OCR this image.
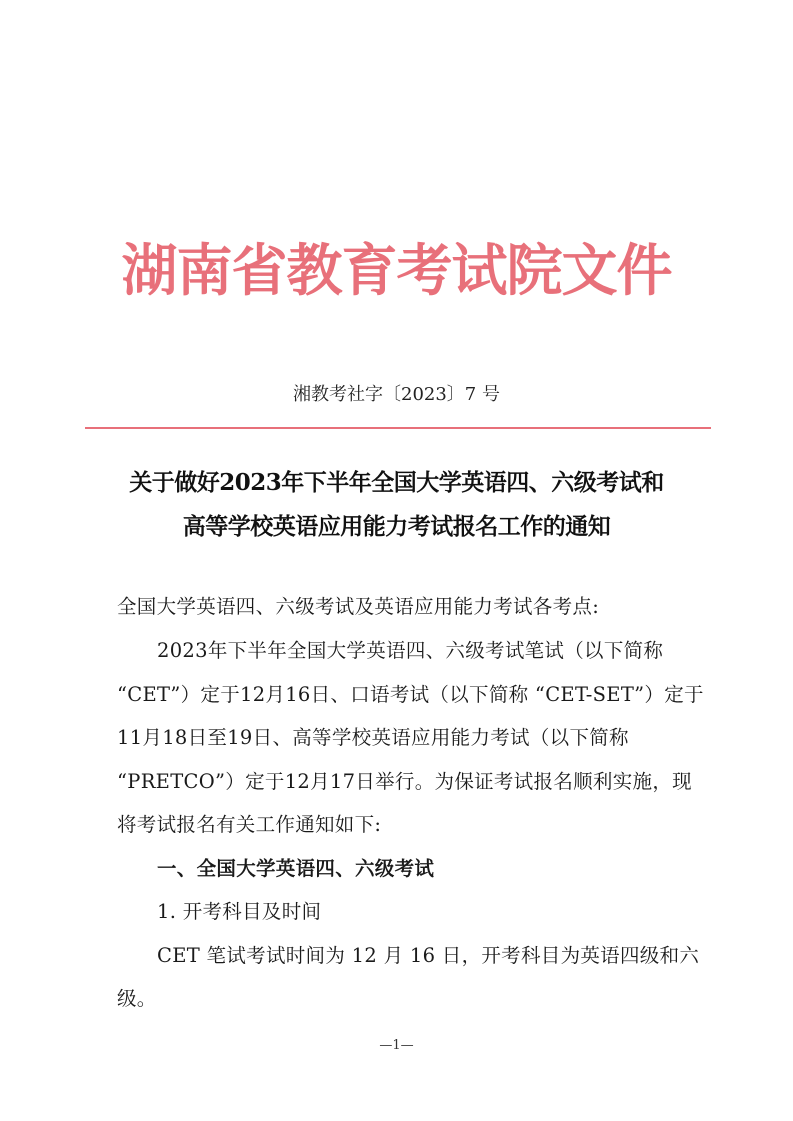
湖南省教育考试院文件
湘教考社字〔2023〕7 号
关于做好2023年下半年全国大学英语四、六级考试和
高等学校英语应用能力考试报名工作的通知
全国大学英语四、六级考试及英语应用能力考试各考点:
2023年下半年全国大学英语四、六级考试笔试（以下简称
“CET”）定于12月16日、口语考试（以下简称 “CET-SET”）定于
11月18日至19日、高等学校英语应用能力考试（以下简称
“PRETCO”）定于12月17日举行。为保证考试报名顺利实施，现
将考试报名有关工作通知如下:
一、全国大学英语四、六级考试
1. 开考科目及时间
CET 笔试考试时间为 12 月 16 日，开考科目为英语四级和六
级。
—1—
